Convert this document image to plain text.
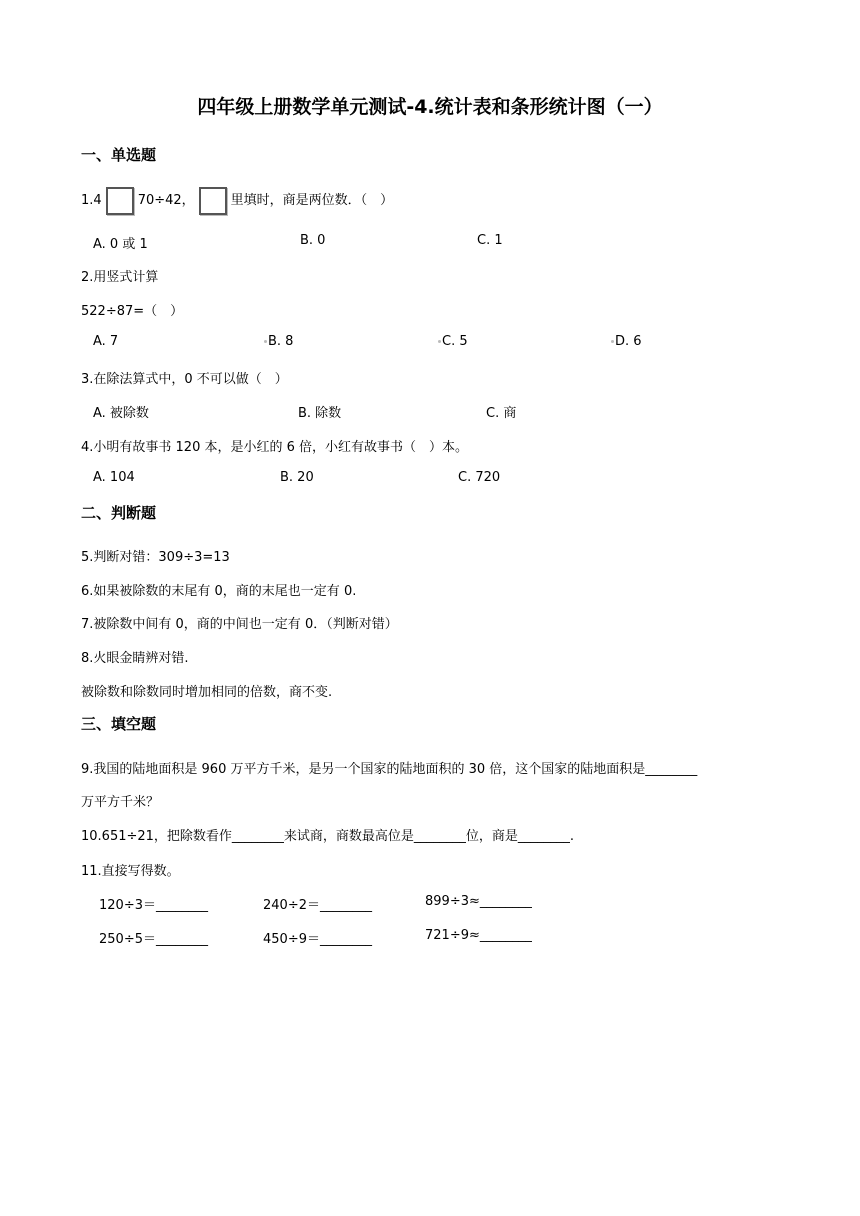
四年级上册数学单元测试-4.统计表和条形统计图（一）
一、单选题
1.4	70÷42，	里填时，商是两位数．（　）
A. 0 或 1	B. 0	C. 1
2.用竖式计算
522÷87=（　）
A. 7	B. 8	C. 5	D. 6
3.在除法算式中，0 不可以做（　）
A. 被除数	B. 除数	C. 商
4.小明有故事书 120 本，是小红的 6 倍，小红有故事书（　）本。
A. 104	B. 20	C. 720
二、判断题
5.判断对错：309÷3=13
6.如果被除数的末尾有 0，商的末尾也一定有 0.
7.被除数中间有 0，商的中间也一定有 0．（判断对错）
8.火眼金睛辨对错.
被除数和除数同时增加相同的倍数，商不变.
三、填空题
9.我国的陆地面积是 960 万平方千米，是另一个国家的陆地面积的 30 倍，这个国家的陆地面积是________
万平方千米？
10.651÷21，把除数看作________来试商，商数最高位是________位，商是________.
11.直接写得数。
120÷3＝________	240÷2＝________	899÷3≈________
250÷5＝________	450÷9＝________	721÷9≈________
